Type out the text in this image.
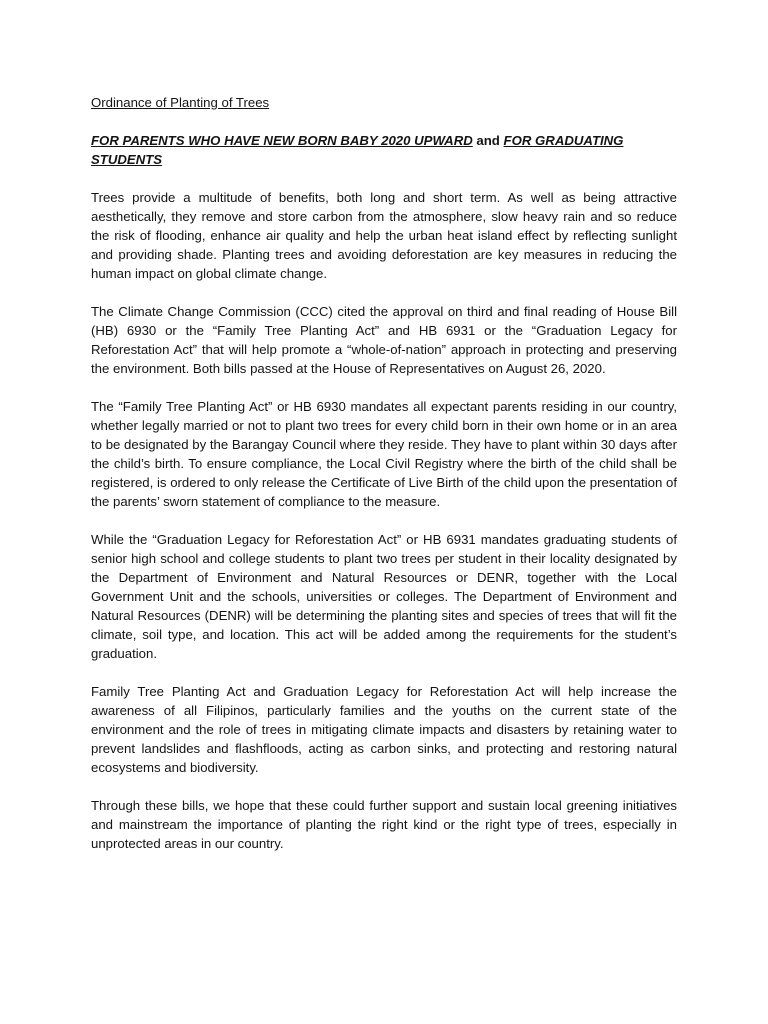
Ordinance of Planting of Trees

FOR PARENTS WHO HAVE NEW BORN BABY 2020 UPWARD and FOR GRADUATING STUDENTS

Trees provide a multitude of benefits, both long and short term. As well as being attractive aesthetically, they remove and store carbon from the atmosphere, slow heavy rain and so reduce the risk of flooding, enhance air quality and help the urban heat island effect by reflecting sunlight and providing shade. Planting trees and avoiding deforestation are key measures in reducing the human impact on global climate change.

The Climate Change Commission (CCC) cited the approval on third and final reading of House Bill (HB) 6930 or the “Family Tree Planting Act” and HB 6931 or the “Graduation Legacy for Reforestation Act” that will help promote a “whole-of-nation” approach in protecting and preserving the environment. Both bills passed at the House of Representatives on August 26, 2020.

The “Family Tree Planting Act” or HB 6930 mandates all expectant parents residing in our country, whether legally married or not to plant two trees for every child born in their own home or in an area to be designated by the Barangay Council where they reside. They have to plant within 30 days after the child’s birth. To ensure compliance, the Local Civil Registry where the birth of the child shall be registered, is ordered to only release the Certificate of Live Birth of the child upon the presentation of the parents’ sworn statement of compliance to the measure.

While the “Graduation Legacy for Reforestation Act” or HB 6931 mandates graduating students of senior high school and college students to plant two trees per student in their locality designated by the Department of Environment and Natural Resources or DENR, together with the Local Government Unit and the schools, universities or colleges. The Department of Environment and Natural Resources (DENR) will be determining the planting sites and species of trees that will fit the climate, soil type, and location. This act will be added among the requirements for the student’s graduation.

Family Tree Planting Act and Graduation Legacy for Reforestation Act will help increase the awareness of all Filipinos, particularly families and the youths on the current state of the environment and the role of trees in mitigating climate impacts and disasters by retaining water to prevent landslides and flashfloods, acting as carbon sinks, and protecting and restoring natural ecosystems and biodiversity.

Through these bills, we hope that these could further support and sustain local greening initiatives and mainstream the importance of planting the right kind or the right type of trees, especially in unprotected areas in our country.
